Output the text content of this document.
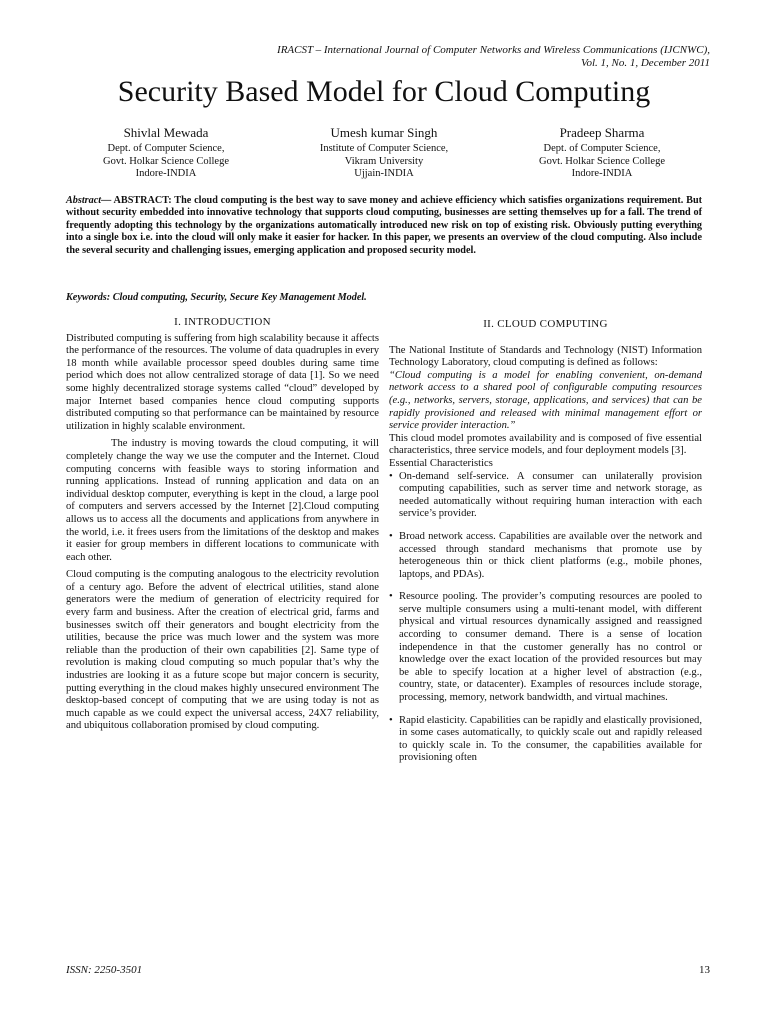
IRACST – International Journal of Computer Networks and Wireless Communications (IJCNWC),
Vol. 1, No. 1, December 2011
Security Based Model for Cloud Computing
Shivlal Mewada
Dept. of Computer Science,
Govt. Holkar Science College
Indore-INDIA
Umesh kumar Singh
Institute of Computer Science,
Vikram University
Ujjain-INDIA
Pradeep Sharma
Dept. of Computer Science,
Govt. Holkar Science College
Indore-INDIA
Abstract— ABSTRACT: The cloud computing is the best way to save money and achieve efficiency which satisfies organizations requirement. But without security embedded into innovative technology that supports cloud computing, businesses are setting themselves up for a fall. The trend of frequently adopting this technology by the organizations automatically introduced new risk on top of existing risk. Obviously putting everything into a single box i.e. into the cloud will only make it easier for hacker. In this paper, we presents an overview of the cloud computing. Also include the several security and challenging issues, emerging application and proposed security model.
Keywords: Cloud computing, Security, Secure Key Management Model.
I. INTRODUCTION

Distributed computing is suffering from high scalability because it affects the performance of the resources. The volume of data quadruples in every 18 month while available processor speed doubles during same time period which does not allow centralized storage of data [1]. So we need some highly decentralized storage systems called “cloud” developed by major Internet based companies hence cloud computing supports distributed computing so that performance can be maintained by resource utilization in highly scalable environment.

The industry is moving towards the cloud computing, it will completely change the way we use the computer and the Internet. Cloud computing concerns with feasible ways to storing information and running applications. Instead of running application and data on an individual desktop computer, everything is kept in the cloud, a large pool of computers and servers accessed by the Internet [2].Cloud computing allows us to access all the documents and applications from anywhere in the world, i.e. it frees users from the limitations of the desktop and makes it easier for group members in different locations to communicate with each other.

Cloud computing is the computing analogous to the electricity revolution of a century ago. Before the advent of electrical utilities, stand alone generators were the medium of generation of electricity required for every farm and business. After the creation of electrical grid, farms and businesses switch off their generators and bought electricity from the utilities, because the price was much lower and the system was more reliable than the production of their own capabilities [2]. Same type of revolution is making cloud computing so much popular that’s why the industries are looking it as a future scope but major concern is security, putting everything in the cloud makes highly unsecured environment The desktop-based concept of computing that we are using today is not as much capable as we could expect the universal access, 24X7 reliability, and ubiquitous collaboration promised by cloud computing.

II. CLOUD COMPUTING

The National Institute of Standards and Technology (NIST) Information Technology Laboratory, cloud computing is defined as follows:

“Cloud computing is a model for enabling convenient, on-demand network access to a shared pool of configurable computing resources (e.g., networks, servers, storage, applications, and services) that can be rapidly provisioned and released with minimal management effort or service provider interaction.”

This cloud model promotes availability and is composed of five essential characteristics, three service models, and four deployment models [3].

Essential Characteristics

• On-demand self-service. A consumer can unilaterally provision computing capabilities, such as server time and network storage, as needed automatically without requiring human interaction with each service’s provider.
• Broad network access. Capabilities are available over the network and accessed through standard mechanisms that promote use by heterogeneous thin or thick client platforms (e.g., mobile phones, laptops, and PDAs).
• Resource pooling. The provider’s computing resources are pooled to serve multiple consumers using a multi-tenant model, with different physical and virtual resources dynamically assigned and reassigned according to consumer demand. There is a sense of location independence in that the customer generally has no control or knowledge over the exact location of the provided resources but may be able to specify location at a higher level of abstraction (e.g., country, state, or datacenter). Examples of resources include storage, processing, memory, network bandwidth, and virtual machines.
• Rapid elasticity. Capabilities can be rapidly and elastically provisioned, in some cases automatically, to quickly scale out and rapidly released to quickly scale in. To the consumer, the capabilities available for provisioning often
ISSN: 2250-3501	13
